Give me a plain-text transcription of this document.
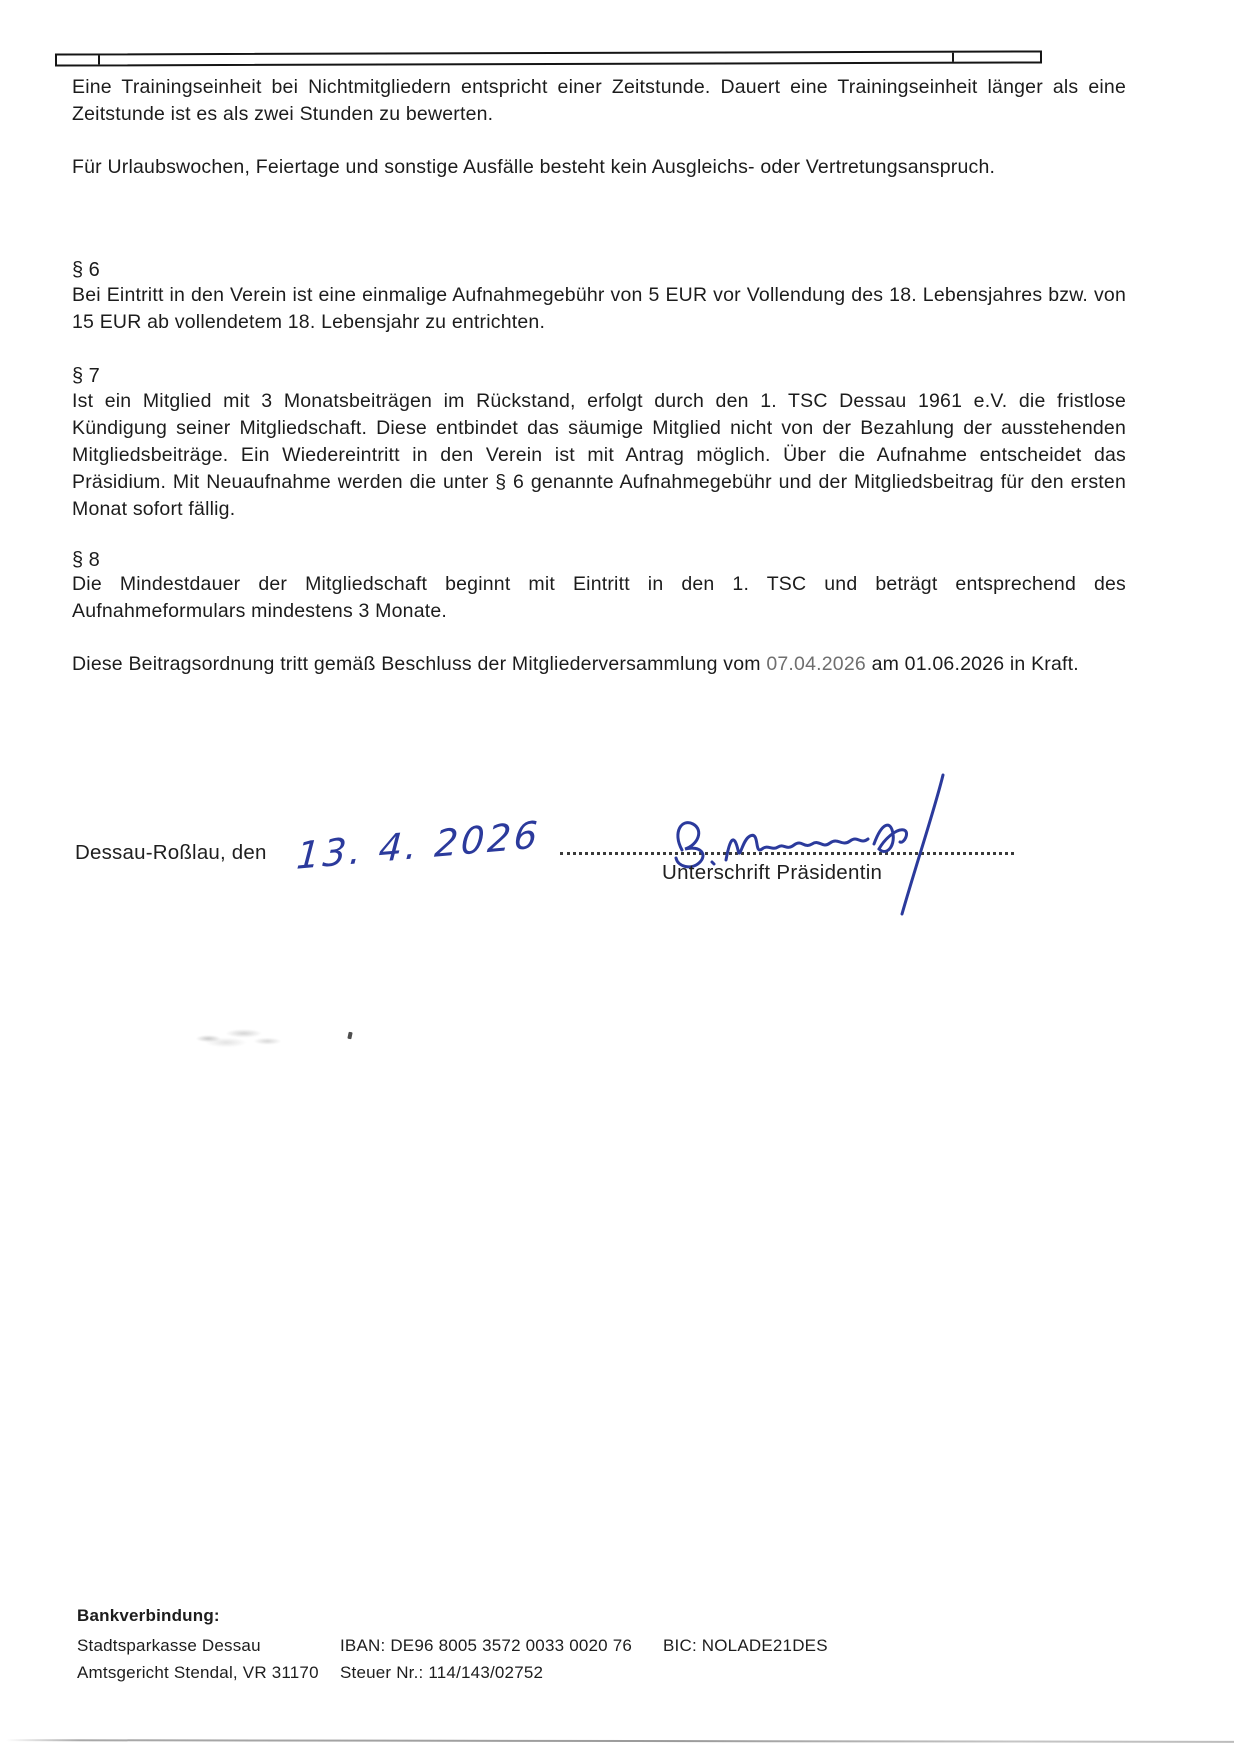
Eine Trainingseinheit bei Nichtmitgliedern entspricht einer Zeitstunde. Dauert eine Trainingseinheit länger als eine Zeitstunde ist es als zwei Stunden zu bewerten.

Für Urlaubswochen, Feiertage und sonstige Ausfälle besteht kein Ausgleichs- oder Vertretungsanspruch.

§ 6

Bei Eintritt in den Verein ist eine einmalige Aufnahmegebühr von 5 EUR vor Vollendung des 18. Lebensjahres bzw. von 15 EUR ab vollendetem 18. Lebensjahr zu entrichten.

§ 7

Ist ein Mitglied mit 3 Monatsbeiträgen im Rückstand, erfolgt durch den 1. TSC Dessau 1961 e.V. die fristlose Kündigung seiner Mitgliedschaft. Diese entbindet das säumige Mitglied nicht von der Bezahlung der ausstehenden Mitgliedsbeiträge. Ein Wiedereintritt in den Verein ist mit Antrag möglich. Über die Aufnahme entscheidet das Präsidium. Mit Neuaufnahme werden die unter § 6 genannte Aufnahmegebühr und der Mitgliedsbeitrag für den ersten Monat sofort fällig.

§ 8

Die Mindestdauer der Mitgliedschaft beginnt mit Eintritt in den 1. TSC und beträgt entsprechend des Aufnahmeformulars mindestens 3 Monate.

Diese Beitragsordnung tritt gemäß Beschluss der Mitgliederversammlung vom 07.04.2026 am 01.06.2026 in Kraft.

Dessau-Roßlau, den 13. 4. 2026	Unterschrift Präsidentin
Bankverbindung:
Stadtsparkasse Dessau
Amtsgericht Stendal, VR 31170
IBAN: DE96 8005 3572 0033 0020 76
Steuer Nr.: 114/143/02752
BIC: NOLADE21DES
